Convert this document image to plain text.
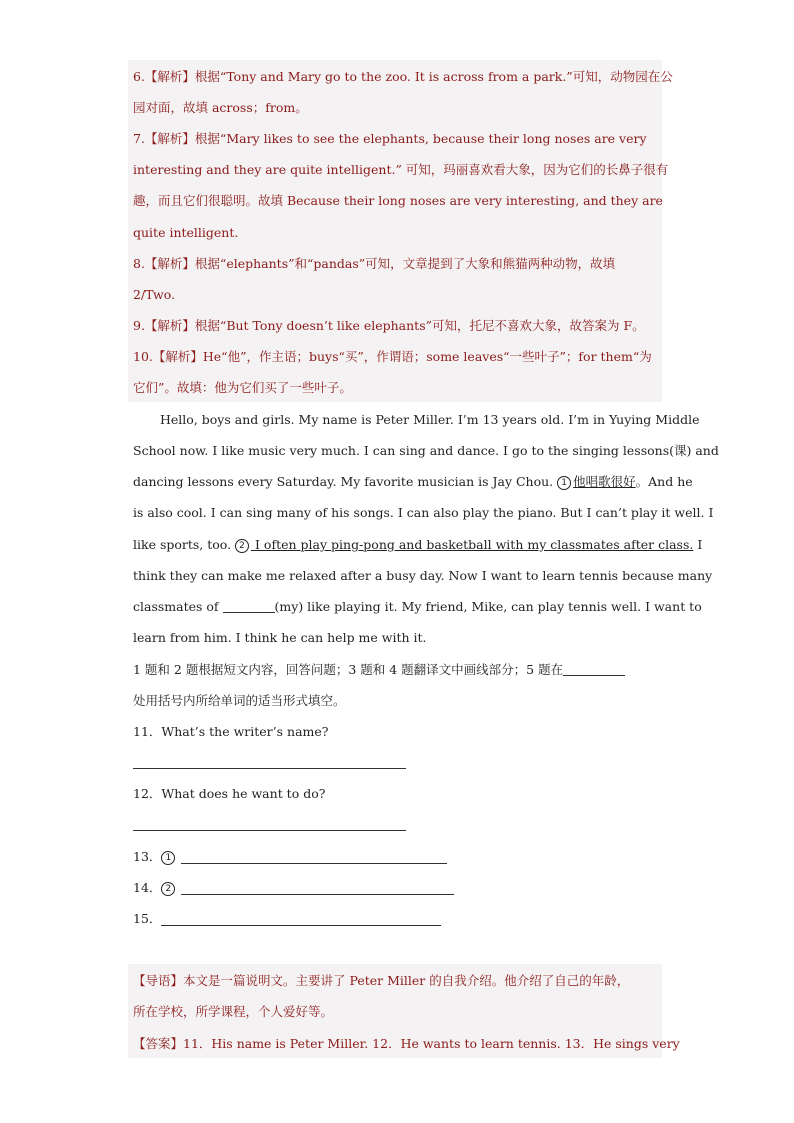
6.【解析】根据“Tony and Mary go to the zoo. It is across from a park.”可知，动物园在公
园对面，故填 across；from。
7.【解析】根据“Mary likes to see the elephants, because their long noses are very
interesting and they are quite intelligent.” 可知，玛丽喜欢看大象，因为它们的长鼻子很有
趣，而且它们很聪明。故填 Because their long noses are very interesting, and they are
quite intelligent.
8.【解析】根据“elephants”和“pandas”可知，文章提到了大象和熊猫两种动物，故填
2/Two.
9.【解析】根据“But Tony doesn’t like elephants”可知，托尼不喜欢大象，故答案为 F。
10.【解析】He“他”，作主语；buys“买”，作谓语；some leaves“一些叶子”；for them“为
它们”。故填：他为它们买了一些叶子。
Hello, boys and girls. My name is Peter Miller. I’m 13 years old. I’m in Yuying Middle
School now. I like music very much. I can sing and dance. I go to the singing lessons(课) and
dancing lessons every Saturday. My favorite musician is Jay Chou. 1 他唱歌很好。And he
is also cool. I can sing many of his songs. I can also play the piano. But I can’t play it well. I
like sports, too. 2 I often play ping-pong and basketball with my classmates after class. I
think they can make me relaxed after a busy day. Now I want to learn tennis because many
classmates of	(my) like playing it. My friend, Mike, can play tennis well. I want to
learn from him. I think he can help me with it.
1 题和 2 题根据短文内容，回答问题；3 题和 4 题翻译文中画线部分；5 题在
处用括号内所给单词的适当形式填空。
11．What’s the writer’s name?
12．What does he want to do?
13． 1
14． 2
15．
【导语】本文是一篇说明文。主要讲了 Peter Miller 的自我介绍。他介绍了自己的年龄，
所在学校，所学课程，个人爱好等。
【答案】11．His name is Peter Miller. 12．He wants to learn tennis. 13．He sings very
